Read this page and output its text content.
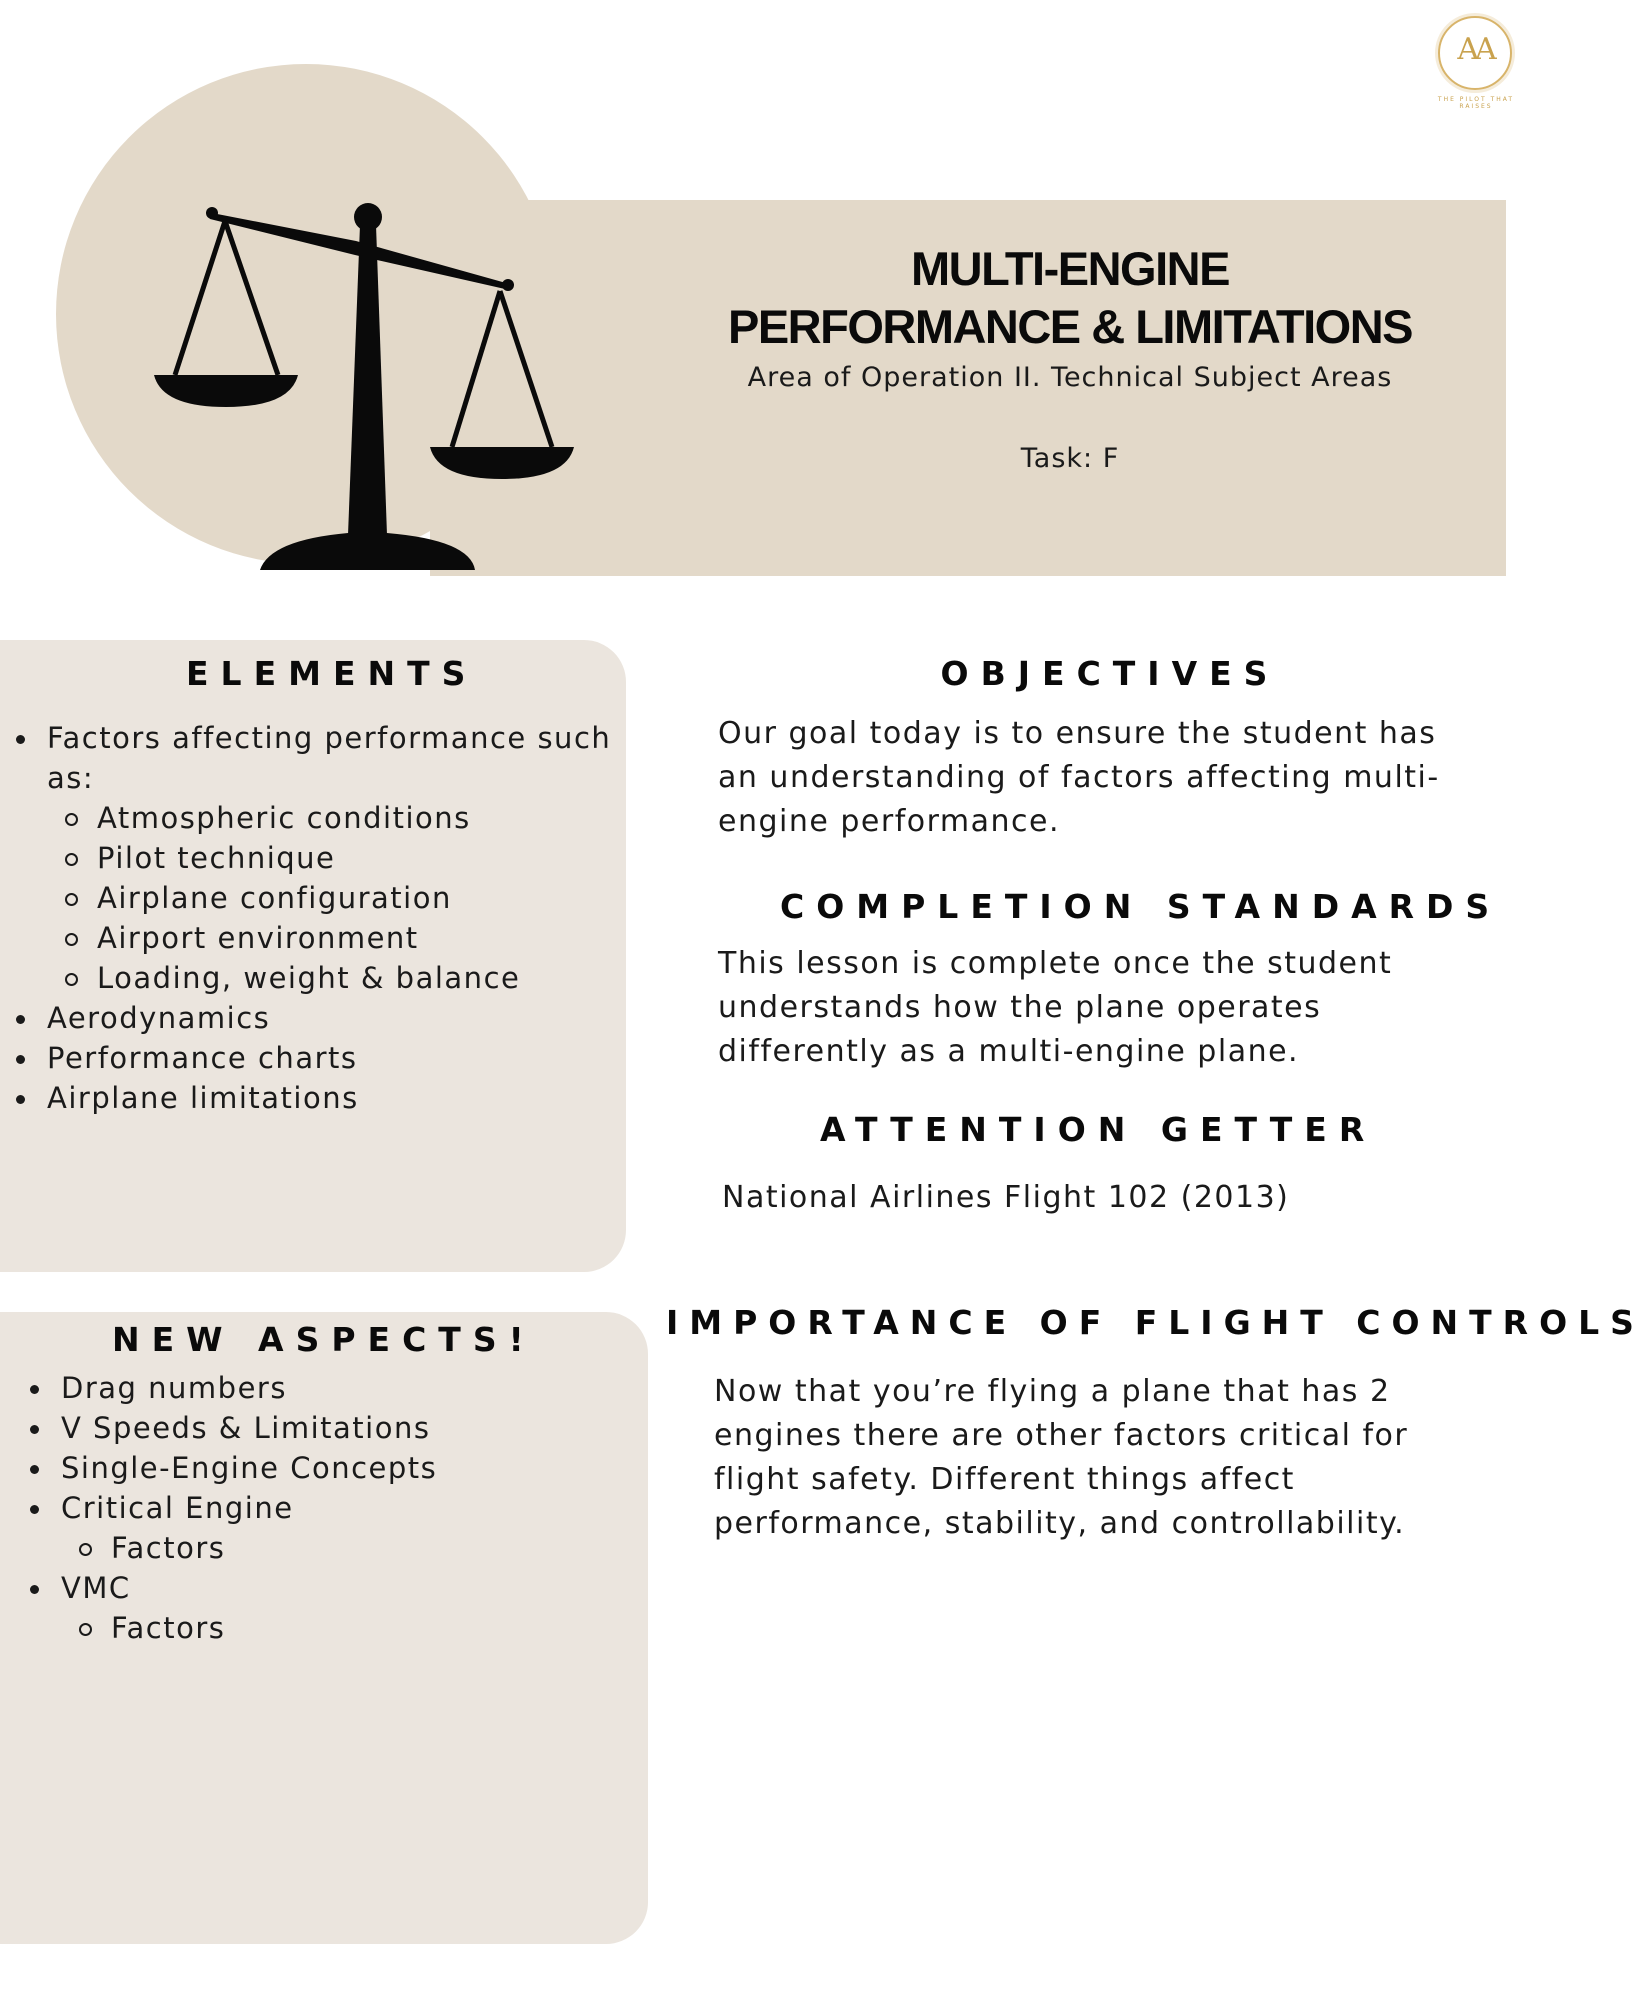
MULTI-ENGINE
PERFORMANCE & LIMITATIONS
Area of Operation II. Technical Subject Areas
Task: F
AA
THE PILOT THAT RAISES
ELEMENTS
Factors affecting performance such
as:
Atmospheric conditions
Pilot technique
Airplane configuration
Airport environment
Loading, weight & balance
Aerodynamics
Performance charts
Airplane limitations
OBJECTIVES
Our goal today is to ensure the student has an understanding of factors affecting multi-engine performance.
COMPLETION STANDARDS
This lesson is complete once the student understands how the plane operates differently as a multi-engine plane.
ATTENTION GETTER
National Airlines Flight 102 (2013)
NEW ASPECTS!
Drag numbers
V Speeds & Limitations
Single-Engine Concepts
Critical Engine
Factors
VMC
Factors
IMPORTANCE OF FLIGHT CONTROLS
Now that you’re flying a plane that has 2 engines there are other factors critical for flight safety. Different things affect performance, stability, and controllability.
